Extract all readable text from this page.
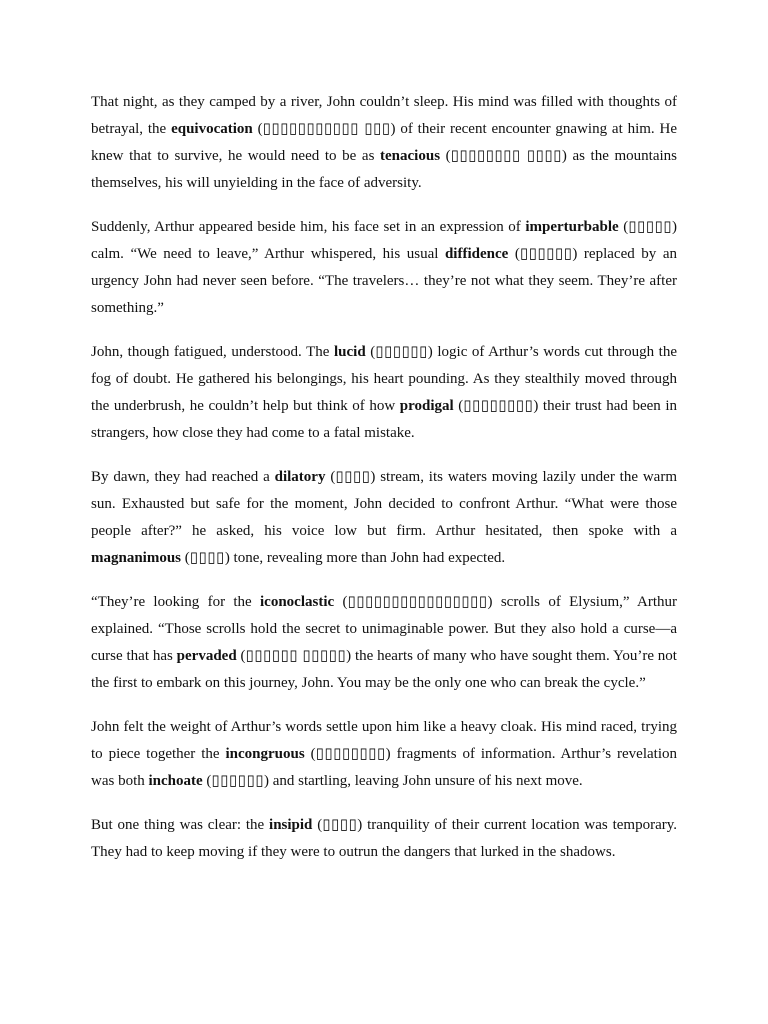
That night, as they camped by a river, John couldn’t sleep. His mind was filled with thoughts of betrayal, the equivocation (▯▯▯▯▯▯▯▯▯▯▯ ▯▯▯) of their recent encounter gnawing at him. He knew that to survive, he would need to be as tenacious (▯▯▯▯▯▯▯▯ ▯▯▯▯) as the mountains themselves, his will unyielding in the face of adversity.

Suddenly, Arthur appeared beside him, his face set in an expression of imperturbable (▯▯▯▯▯) calm. “We need to leave,” Arthur whispered, his usual diffidence (▯▯▯▯▯▯) replaced by an urgency John had never seen before. “The travelers… they’re not what they seem. They’re after something.”

John, though fatigued, understood. The lucid (▯▯▯▯▯▯) logic of Arthur’s words cut through the fog of doubt. He gathered his belongings, his heart pounding. As they stealthily moved through the underbrush, he couldn’t help but think of how prodigal (▯▯▯▯▯▯▯▯) their trust had been in strangers, how close they had come to a fatal mistake.

By dawn, they had reached a dilatory (▯▯▯▯) stream, its waters moving lazily under the warm sun. Exhausted but safe for the moment, John decided to confront Arthur. “What were those people after?” he asked, his voice low but firm. Arthur hesitated, then spoke with a magnanimous (▯▯▯▯) tone, revealing more than John had expected.

“They’re looking for the iconoclastic (▯▯▯▯▯▯▯▯▯▯▯▯▯▯▯▯) scrolls of Elysium,” Arthur explained. “Those scrolls hold the secret to unimaginable power. But they also hold a curse—a curse that has pervaded (▯▯▯▯▯▯ ▯▯▯▯▯) the hearts of many who have sought them. You’re not the first to embark on this journey, John. You may be the only one who can break the cycle.”

John felt the weight of Arthur’s words settle upon him like a heavy cloak. His mind raced, trying to piece together the incongruous (▯▯▯▯▯▯▯▯) fragments of information. Arthur’s revelation was both inchoate (▯▯▯▯▯▯) and startling, leaving John unsure of his next move.

But one thing was clear: the insipid (▯▯▯▯) tranquility of their current location was temporary. They had to keep moving if they were to outrun the dangers that lurked in the shadows.
